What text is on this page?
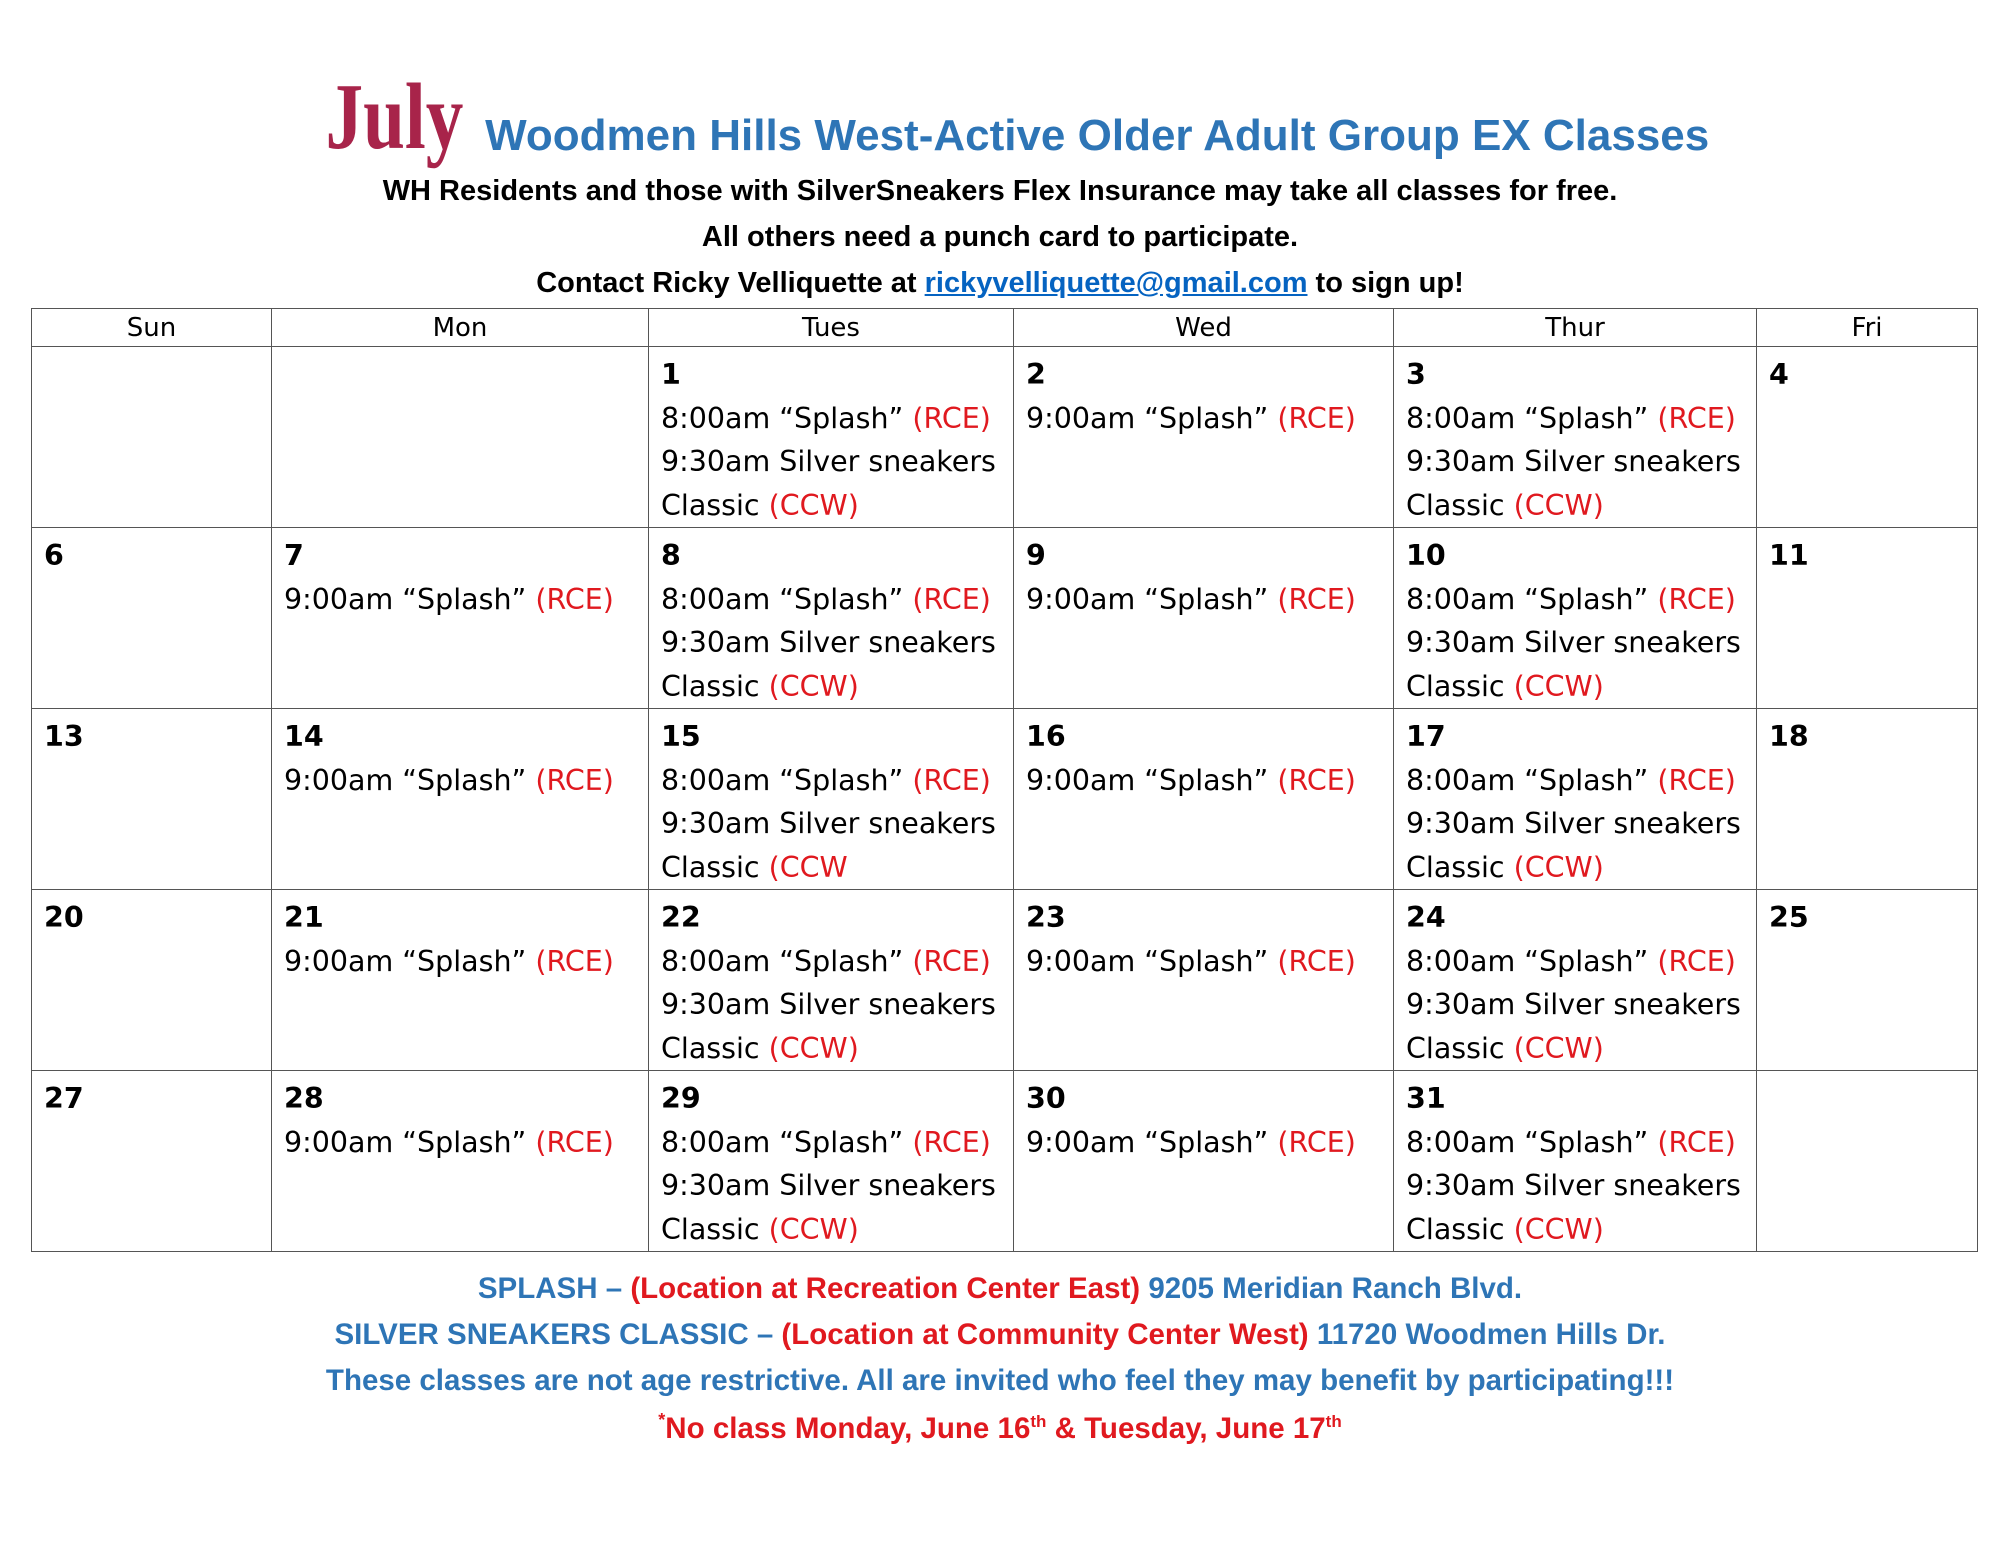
July Woodmen Hills West-Active Older Adult Group EX Classes
WH Residents and those with SilverSneakers Flex Insurance may take all classes for free.
All others need a punch card to participate.
Contact Ricky Velliquette at rickyvelliquette@gmail.com to sign up!
Sun	Mon	Tues	Wed	Thur	Fri

		1
8:00am “Splash” (RCE)
9:30am Silver sneakers Classic (CCW)	2
9:00am “Splash” (RCE)	3
8:00am “Splash” (RCE)
9:30am Silver sneakers Classic (CCW)	4

6	7
9:00am “Splash” (RCE)	8
8:00am “Splash” (RCE)
9:30am Silver sneakers Classic (CCW)	9
9:00am “Splash” (RCE)	10
8:00am “Splash” (RCE)
9:30am Silver sneakers Classic (CCW)	11

13	14
9:00am “Splash” (RCE)	15
8:00am “Splash” (RCE)
9:30am Silver sneakers Classic (CCW	16
9:00am “Splash” (RCE)	17
8:00am “Splash” (RCE)
9:30am Silver sneakers Classic (CCW)	18

20	21
9:00am “Splash” (RCE)	22
8:00am “Splash” (RCE)
9:30am Silver sneakers Classic (CCW)	23
9:00am “Splash” (RCE)	24
8:00am “Splash” (RCE)
9:30am Silver sneakers Classic (CCW)	25

27	28
9:00am “Splash” (RCE)	29
8:00am “Splash” (RCE)
9:30am Silver sneakers Classic (CCW)	30
9:00am “Splash” (RCE)	31
8:00am “Splash” (RCE)
9:30am Silver sneakers Classic (CCW)	

SPLASH – (Location at Recreation Center East) 9205 Meridian Ranch Blvd.
SILVER SNEAKERS CLASSIC – (Location at Community Center West) 11720 Woodmen Hills Dr.
These classes are not age restrictive. All are invited who feel they may benefit by participating!!!
*No class Monday, June 16th & Tuesday, June 17th
